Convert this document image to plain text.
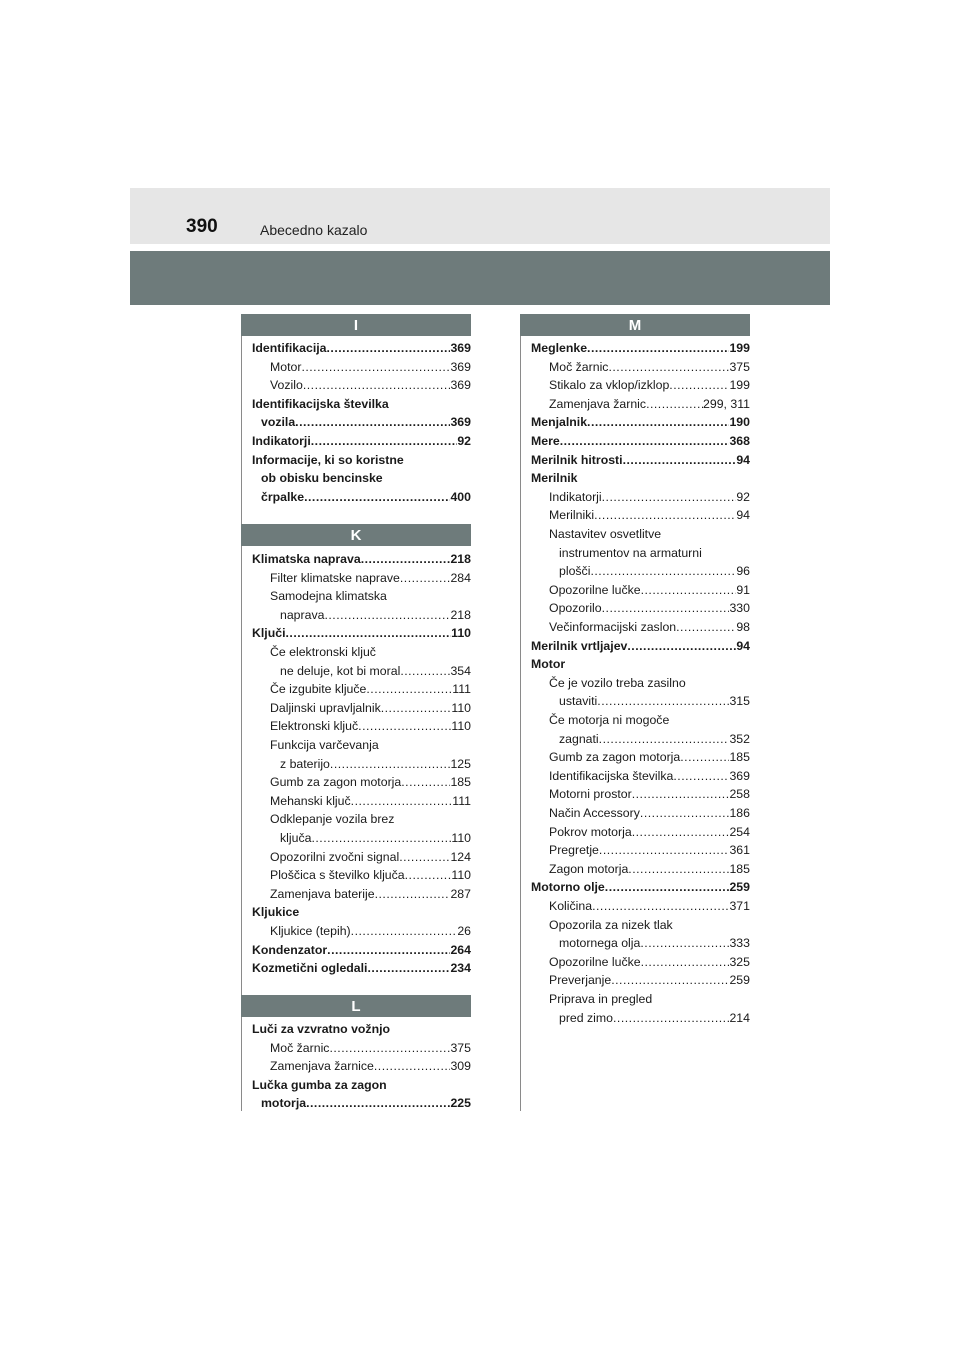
390	Abecedno kazalo
I
Identifikacija .....	369
Motor .....	369
Vozilo .....	369
Identifikacijska številka
vozila .....	369
Indikatorji .....	92
Informacije, ki so koristne
ob obisku bencinske
črpalke .....	400
K
Klimatska naprava .....	218
Filter klimatske naprave .....	284
Samodejna klimatska
naprava .....	218
Ključi .....	110
Če elektronski ključ
ne deluje, kot bi moral .....	354
Če izgubite ključe .....	111
Daljinski upravljalnik .....	110
Elektronski ključ .....	110
Funkcija varčevanja
z baterijo .....	125
Gumb za zagon motorja .....	185
Mehanski ključ .....	111
Odklepanje vozila brez
ključa .....	110
Opozorilni zvočni signal .....	124
Ploščica s številko ključa .....	110
Zamenjava baterije .....	287
Kljukice
Kljukice (tepih) .....	26
Kondenzator .....	264
Kozmetični ogledali .....	234
L
Luči za vzvratno vožnjo
Moč žarnic .....	375
Zamenjava žarnice .....	309
Lučka gumba za zagon
motorja .....	225
M
Meglenke .....	199
Moč žarnic .....	375
Stikalo za vklop/izklop .....	199
Zamenjava žarnic .....	299, 311
Menjalnik .....	190
Mere .....	368
Merilnik hitrosti .....	94
Merilnik
Indikatorji .....	92
Merilniki .....	94
Nastavitev osvetlitve
instrumentov na armaturni
plošči .....	96
Opozorilne lučke .....	91
Opozorilo .....	330
Večinformacijski zaslon .....	98
Merilnik vrtljajev .....	94
Motor
Če je vozilo treba zasilno
ustaviti .....	315
Če motorja ni mogoče
zagnati .....	352
Gumb za zagon motorja .....	185
Identifikacijska številka .....	369
Motorni prostor .....	258
Način Accessory .....	186
Pokrov motorja .....	254
Pregretje .....	361
Zagon motorja .....	185
Motorno olje .....	259
Količina .....	371
Opozorila za nizek tlak
motornega olja .....	333
Opozorilne lučke .....	325
Preverjanje .....	259
Priprava in pregled
pred zimo .....	214
